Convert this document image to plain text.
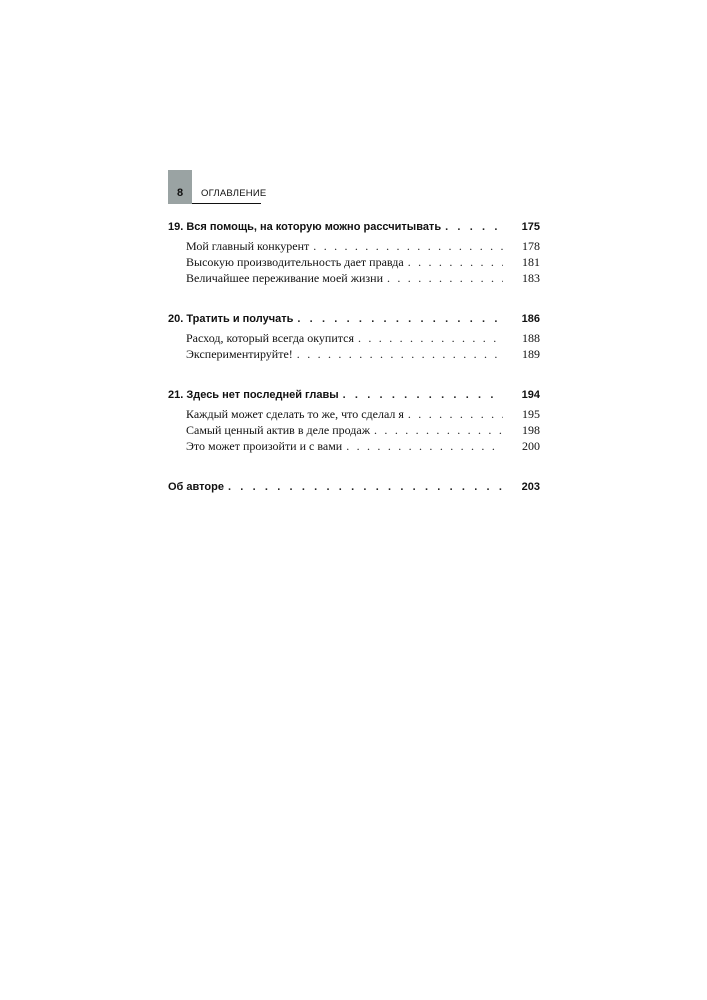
8	ОГЛАВЛЕНИЕ
19. Вся помощь, на которую можно рассчитывать . . .	175
Мой главный конкурент . . .	178
Высокую производительность дает правда . . .	181
Величайшее переживание моей жизни . . .	183
20. Тратить и получать . . .	186
Расход, который всегда окупится . . .	188
Экспериментируйте! . . .	189
21. Здесь нет последней главы . . .	194
Каждый может сделать то же, что сделал я . . .	195
Самый ценный актив в деле продаж . . .	198
Это может произойти и с вами . . .	200
Об авторе . . .	203
